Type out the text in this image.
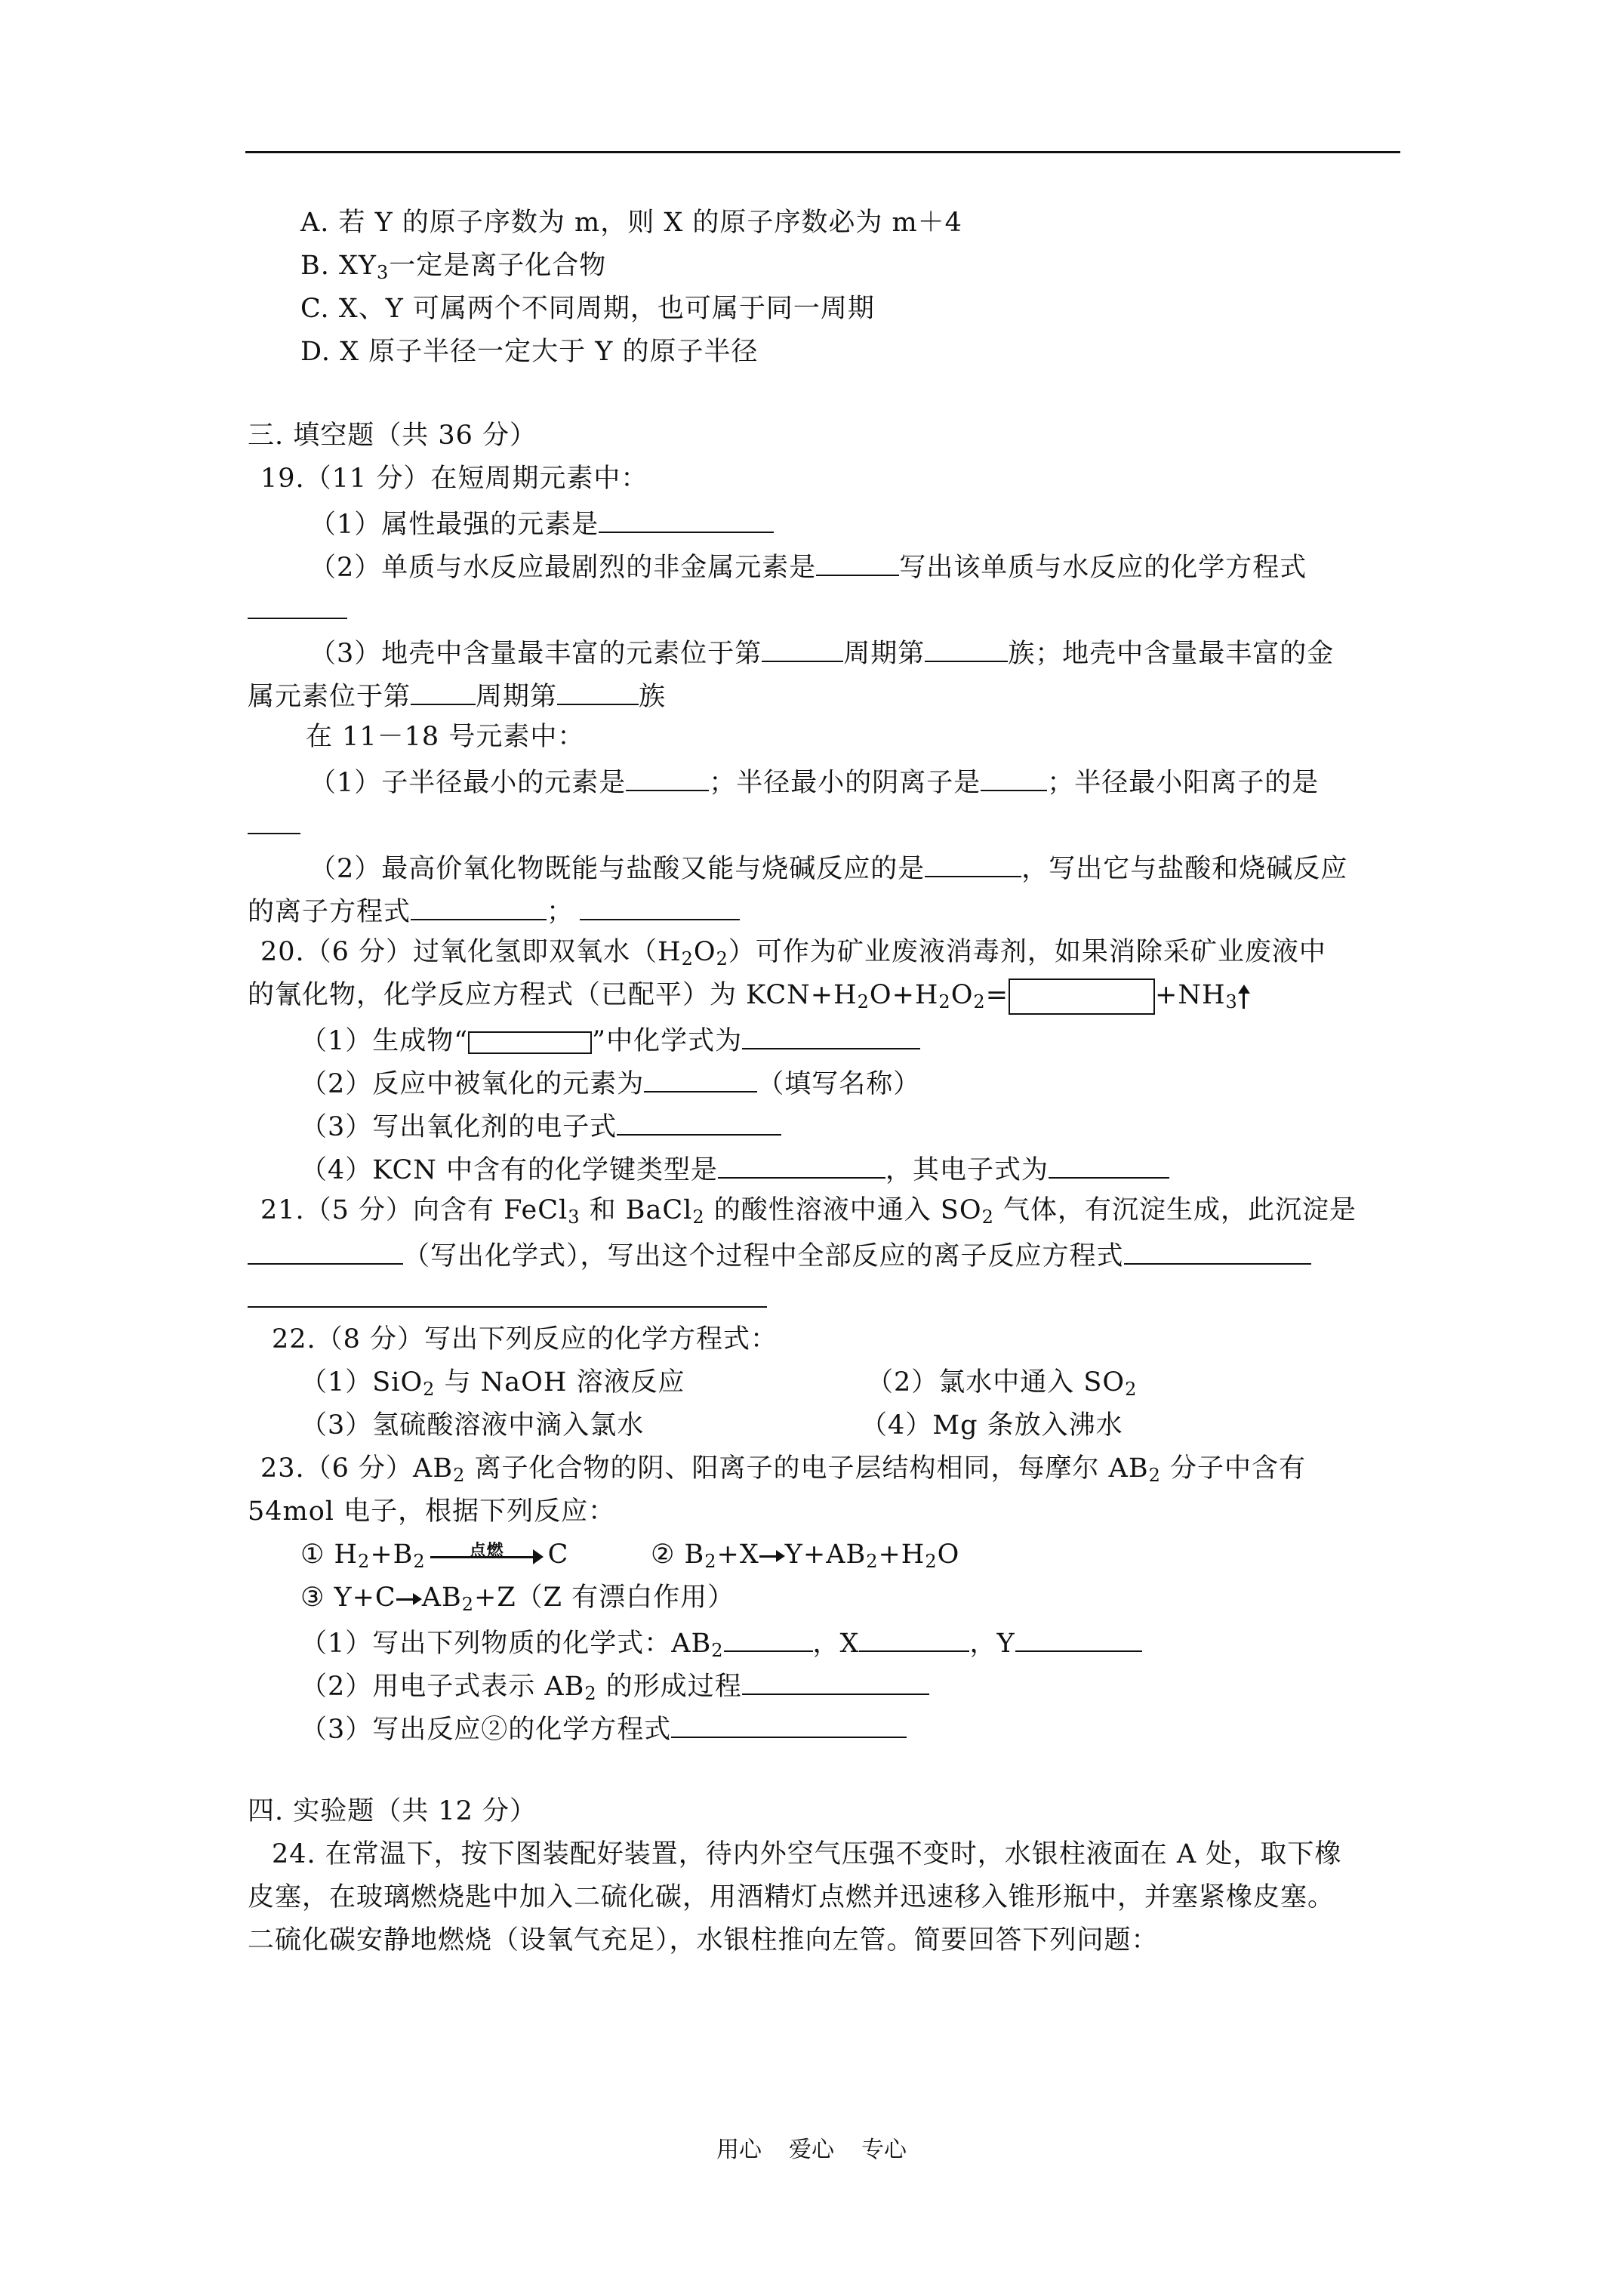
A. 若 Y 的原子序数为 m，则 X 的原子序数必为 m＋4
B. $XY_3$一定是离子化合物
C. X、Y 可属两个不同周期，也可属于同一周期
D. X 原子半径一定大于 Y 的原子半径
三. 填空题（共 36 分）
19.（11 分）在短周期元素中：
（1）属性最强的元素是
（2）单质与水反应最剧烈的非金属元素是	写出该单质与水反应的化学方程式
（3）地壳中含量最丰富的元素位于第	周期第	族；地壳中含量最丰富的金
属元素位于第 周期第	族
在 11－18 号元素中：
（1）子半径最小的元素是	；半径最小的阴离子是	；半径最小阳离子的是
（2）最高价氧化物既能与盐酸又能与烧碱反应的是	，写出它与盐酸和烧碱反应
的离子方程式	；
20.（6 分）过氧化氢即双氧水$(H_2O_2)$可作为矿业废液消毒剂，如果消除采矿业废液中
的氰化物，化学反应方程式（已配平）为 $KCN+H_2O+H_2O_2=$	$+NH_3$
（1）生成物“	”中化学式为
（2）反应中被氧化的元素为	（填写名称）
（3）写出氧化剂的电子式
（4）KCN 中含有的化学键类型是	，其电子式为
21.（5 分）向含有 FeCl$_3$ 和 BaCl$_2$ 的酸性溶液中通入 $SO_2$ 气体，有沉淀生成，此沉淀是
（写出化学式），写出这个过程中全部反应的离子反应方程式
22.（8 分）写出下列反应的化学方程式：
（1）SiO$_2$ 与 NaOH 溶液反应	（2）氯水中通入 $SO_2$
（3）氢硫酸溶液中滴入氯水	（4）Mg 条放入沸水
23.（6 分）$AB_2$ 离子化合物的阴、阳离子的电子层结构相同，每摩尔 $AB_2$ 分子中含有
54mol 电子，根据下列反应：
① $H_2+B_2$
点燃	C	② $B_2+X$ $Y+AB_2+H_2O$
③ Y+C $AB_2+Z(Z$ 有漂白作用）
（1）写出下列物质的化学式：$AB_2$	，X	，Y
（2）用电子式表示 $AB_2$ 的形成过程
（3）写出反应②的化学方程式
四. 实验题（共 12 分）
24. 在常温下，按下图装配好装置，待内外空气压强不变时，水银柱液面在 A 处，取下橡
皮塞，在玻璃燃烧匙中加入二硫化碳，用酒精灯点燃并迅速移入锥形瓶中，并塞紧橡皮塞。
二硫化碳安静地燃烧（设氧气充足），水银柱推向左管。简要回答下列问题：
用心 爱心 专心
